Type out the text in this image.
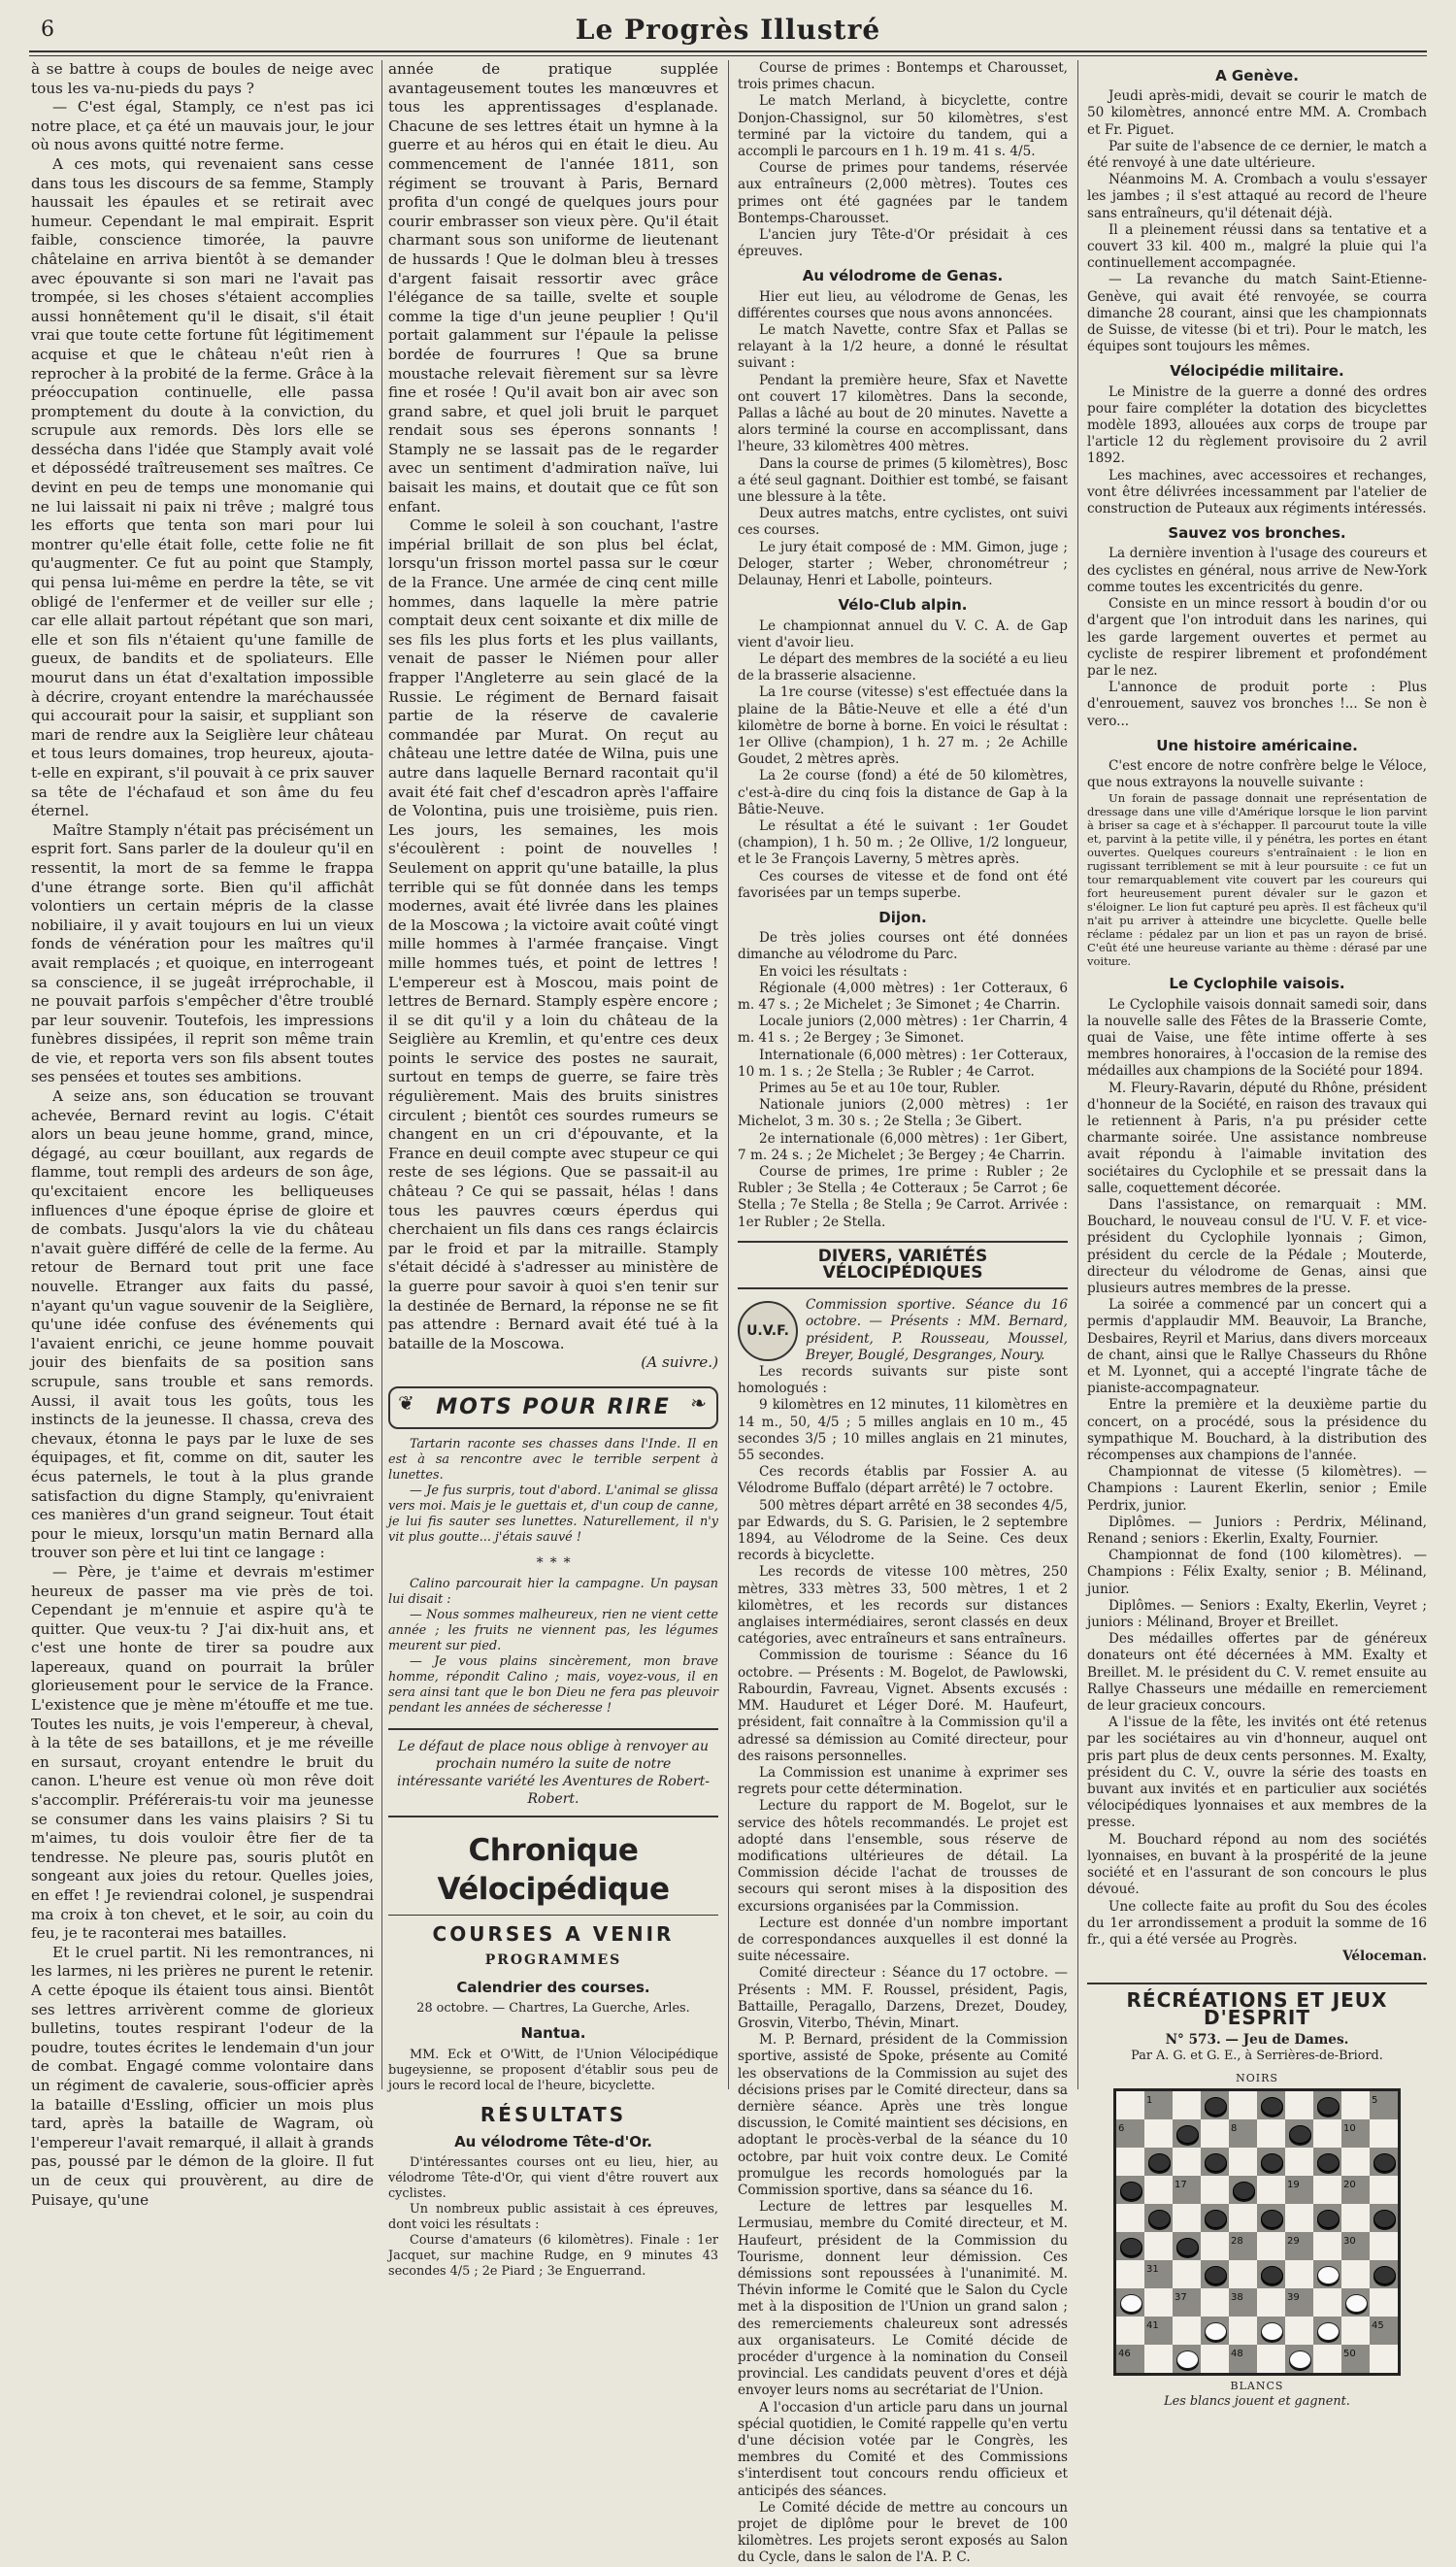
6	Le Progrès Illustré

à se battre à coups de boules de neige avec tous les va-nu-pieds du pays ?

— C'est égal, Stamply, ce n'est pas ici notre place, et ça été un mauvais jour, le jour où nous avons quitté notre ferme.

A ces mots, qui revenaient sans cesse dans tous les discours de sa femme, Stamply haussait les épaules et se retirait avec humeur. Cependant le mal empirait. Esprit faible, conscience timorée, la pauvre châtelaine en arriva bientôt à se demander avec épouvante si son mari ne l'avait pas trompée, si les choses s'étaient accomplies aussi honnêtement qu'il le disait, s'il était vrai que toute cette fortune fût légitimement acquise et que le château n'eût rien à reprocher à la probité de la ferme. Grâce à la préoccupation continuelle, elle passa promptement du doute à la conviction, du scrupule aux remords. Dès lors elle se dessécha dans l'idée que Stamply avait volé et dépossédé traîtreusement ses maîtres. Ce devint en peu de temps une monomanie qui ne lui laissait ni paix ni trêve ; malgré tous les efforts que tenta son mari pour lui montrer qu'elle était folle, cette folie ne fit qu'augmenter. Ce fut au point que Stamply, qui pensa lui-même en perdre la tête, se vit obligé de l'enfermer et de veiller sur elle ; car elle allait partout répétant que son mari, elle et son fils n'étaient qu'une famille de gueux, de bandits et de spoliateurs. Elle mourut dans un état d'exaltation impossible à décrire, croyant entendre la maréchaussée qui accourait pour la saisir, et suppliant son mari de rendre aux la Seiglière leur château et tous leurs domaines, trop heureux, ajouta-t-elle en expirant, s'il pouvait à ce prix sauver sa tête de l'échafaud et son âme du feu éternel.

Maître Stamply n'était pas précisément un esprit fort. Sans parler de la douleur qu'il en ressentit, la mort de sa femme le frappa d'une étrange sorte. Bien qu'il affichât volontiers un certain mépris de la classe nobiliaire, il y avait toujours en lui un vieux fonds de vénération pour les maîtres qu'il avait remplacés ; et quoique, en interrogeant sa conscience, il se jugeât irréprochable, il ne pouvait parfois s'empêcher d'être troublé par leur souvenir. Toutefois, les impressions funèbres dissipées, il reprit son même train de vie, et reporta vers son fils absent toutes ses pensées et toutes ses ambitions.

A seize ans, son éducation se trouvant achevée, Bernard revint au logis. C'était alors un beau jeune homme, grand, mince, dégagé, au cœur bouillant, aux regards de flamme, tout rempli des ardeurs de son âge, qu'excitaient encore les belliqueuses influences d'une époque éprise de gloire et de combats. Jusqu'alors la vie du château n'avait guère différé de celle de la ferme. Au retour de Bernard tout prit une face nouvelle. Etranger aux faits du passé, n'ayant qu'un vague souvenir de la Seiglière, qu'une idée confuse des événements qui l'avaient enrichi, ce jeune homme pouvait jouir des bienfaits de sa position sans scrupule, sans trouble et sans remords. Aussi, il avait tous les goûts, tous les instincts de la jeunesse. Il chassa, creva des chevaux, étonna le pays par le luxe de ses équipages, et fit, comme on dit, sauter les écus paternels, le tout à la plus grande satisfaction du digne Stamply, qu'enivraient ces manières d'un grand seigneur. Tout était pour le mieux, lorsqu'un matin Bernard alla trouver son père et lui tint ce langage :

— Père, je t'aime et devrais m'estimer heureux de passer ma vie près de toi. Cependant je m'ennuie et aspire qu'à te quitter. Que veux-tu ? J'ai dix-huit ans, et c'est une honte de tirer sa poudre aux lapereaux, quand on pourrait la brûler glorieusement pour le service de la France. L'existence que je mène m'étouffe et me tue. Toutes les nuits, je vois l'empereur, à cheval, à la tête de ses bataillons, et je me réveille en sursaut, croyant entendre le bruit du canon. L'heure est venue où mon rêve doit s'accomplir. Préférerais-tu voir ma jeunesse se consumer dans les vains plaisirs ? Si tu m'aimes, tu dois vouloir être fier de ta tendresse. Ne pleure pas, souris plutôt en songeant aux joies du retour. Quelles joies, en effet ! Je reviendrai colonel, je suspendrai ma croix à ton chevet, et le soir, au coin du feu, je te raconterai mes batailles.

Et le cruel partit. Ni les remontrances, ni les larmes, ni les prières ne purent le retenir. A cette époque ils étaient tous ainsi. Bientôt ses lettres arrivèrent comme de glorieux bulletins, toutes respirant l'odeur de la poudre, toutes écrites le lendemain d'un jour de combat. Engagé comme volontaire dans un régiment de cavalerie, sous-officier après la bataille d'Essling, officier un mois plus tard, après la bataille de Wagram, où l'empereur l'avait remarqué, il allait à grands pas, poussé par le démon de la gloire. Il fut un de ceux qui prouvèrent, au dire de Puisaye, qu'une

année de pratique supplée avantageusement toutes les manœuvres et tous les apprentissages d'esplanade. Chacune de ses lettres était un hymne à la guerre et au héros qui en était le dieu. Au commencement de l'année 1811, son régiment se trouvant à Paris, Bernard profita d'un congé de quelques jours pour courir embrasser son vieux père. Qu'il était charmant sous son uniforme de lieutenant de hussards ! Que le dolman bleu à tresses d'argent faisait ressortir avec grâce l'élégance de sa taille, svelte et souple comme la tige d'un jeune peuplier ! Qu'il portait galamment sur l'épaule la pelisse bordée de fourrures ! Que sa brune moustache relevait fièrement sur sa lèvre fine et rosée ! Qu'il avait bon air avec son grand sabre, et quel joli bruit le parquet rendait sous ses éperons sonnants ! Stamply ne se lassait pas de le regarder avec un sentiment d'admiration naïve, lui baisait les mains, et doutait que ce fût son enfant.

Comme le soleil à son couchant, l'astre impérial brillait de son plus bel éclat, lorsqu'un frisson mortel passa sur le cœur de la France. Une armée de cinq cent mille hommes, dans laquelle la mère patrie comptait deux cent soixante et dix mille de ses fils les plus forts et les plus vaillants, venait de passer le Niémen pour aller frapper l'Angleterre au sein glacé de la Russie. Le régiment de Bernard faisait partie de la réserve de cavalerie commandée par Murat. On reçut au château une lettre datée de Wilna, puis une autre dans laquelle Bernard racontait qu'il avait été fait chef d'escadron après l'affaire de Volontina, puis une troisième, puis rien. Les jours, les semaines, les mois s'écoulèrent : point de nouvelles ! Seulement on apprit qu'une bataille, la plus terrible qui se fût donnée dans les temps modernes, avait été livrée dans les plaines de la Moscowa ; la victoire avait coûté vingt mille hommes à l'armée française. Vingt mille hommes tués, et point de lettres ! L'empereur est à Moscou, mais point de lettres de Bernard. Stamply espère encore ; il se dit qu'il y a loin du château de la Seiglière au Kremlin, et qu'entre ces deux points le service des postes ne saurait, surtout en temps de guerre, se faire très régulièrement. Mais des bruits sinistres circulent ; bientôt ces sourdes rumeurs se changent en un cri d'épouvante, et la France en deuil compte avec stupeur ce qui reste de ses légions. Que se passait-il au château ? Ce qui se passait, hélas ! dans tous les pauvres cœurs éperdus qui cherchaient un fils dans ces rangs éclaircis par le froid et par la mitraille. Stamply s'était décidé à s'adresser au ministère de la guerre pour savoir à quoi s'en tenir sur la destinée de Bernard, la réponse ne se fit pas attendre : Bernard avait été tué à la bataille de la Moscowa.

(A suivre.)
❦ MOTS POUR RIRE ❧

Tartarin raconte ses chasses dans l'Inde. Il en est à sa rencontre avec le terrible serpent à lunettes.

— Je fus surpris, tout d'abord. L'animal se glissa vers moi. Mais je le guettais et, d'un coup de canne, je lui fis sauter ses lunettes. Naturellement, il n'y vit plus goutte... j'étais sauvé !

∗ ∗ ∗

Calino parcourait hier la campagne. Un paysan lui disait :

— Nous sommes malheureux, rien ne vient cette année ; les fruits ne viennent pas, les légumes meurent sur pied.

— Je vous plains sincèrement, mon brave homme, répondit Calino ; mais, voyez-vous, il en sera ainsi tant que le bon Dieu ne fera pas pleuvoir pendant les années de sécheresse !

Le défaut de place nous oblige à renvoyer au prochain numéro la suite de notre intéressante variété les Aventures de Robert-Robert.
Chronique Vélocipédique
COURSES A VENIR
PROGRAMMES
Calendrier des courses.

28 octobre. — Chartres, La Guerche, Arles.

Nantua.

MM. Eck et O'Witt, de l'Union Vélocipédique bugeysienne, se proposent d'établir sous peu de jours le record local de l'heure, bicyclette.

RÉSULTATS
Au vélodrome Tête-d'Or.

D'intéressantes courses ont eu lieu, hier, au vélodrome Tête-d'Or, qui vient d'être rouvert aux cyclistes.

Un nombreux public assistait à ces épreuves, dont voici les résultats :

Course d'amateurs (6 kilomètres). Finale : 1er Jacquet, sur machine Rudge, en 9 minutes 43 secondes 4/5 ; 2e Piard ; 3e Enguerrand.

Course de primes : Bontemps et Charousset, trois primes chacun.

Le match Merland, à bicyclette, contre Donjon-Chassignol, sur 50 kilomètres, s'est terminé par la victoire du tandem, qui a accompli le parcours en 1 h. 19 m. 41 s. 4/5.

Course de primes pour tandems, réservée aux entraîneurs (2,000 mètres). Toutes ces primes ont été gagnées par le tandem Bontemps-Charousset.

L'ancien jury Tête-d'Or présidait à ces épreuves.

Au vélodrome de Genas.

Hier eut lieu, au vélodrome de Genas, les différentes courses que nous avons annoncées.

Le match Navette, contre Sfax et Pallas se relayant à la 1/2 heure, a donné le résultat suivant :

Pendant la première heure, Sfax et Navette ont couvert 17 kilomètres. Dans la seconde, Pallas a lâché au bout de 20 minutes. Navette a alors terminé la course en accomplissant, dans l'heure, 33 kilomètres 400 mètres.

Dans la course de primes (5 kilomètres), Bosc a été seul gagnant. Doithier est tombé, se faisant une blessure à la tête.

Deux autres matchs, entre cyclistes, ont suivi ces courses.

Le jury était composé de : MM. Gimon, juge ; Deloger, starter ; Weber, chronométreur ; Delaunay, Henri et Labolle, pointeurs.

Vélo-Club alpin.

Le championnat annuel du V. C. A. de Gap vient d'avoir lieu.

Le départ des membres de la société a eu lieu de la brasserie alsacienne.

La 1re course (vitesse) s'est effectuée dans la plaine de la Bâtie-Neuve et elle a été d'un kilomètre de borne à borne. En voici le résultat : 1er Ollive (champion), 1 h. 27 m. ; 2e Achille Goudet, 2 mètres après.

La 2e course (fond) a été de 50 kilomètres, c'est-à-dire du cinq fois la distance de Gap à la Bâtie-Neuve.

Le résultat a été le suivant : 1er Goudet (champion), 1 h. 50 m. ; 2e Ollive, 1/2 longueur, et le 3e François Laverny, 5 mètres après.

Ces courses de vitesse et de fond ont été favorisées par un temps superbe.

Dijon.

De très jolies courses ont été données dimanche au vélodrome du Parc.

En voici les résultats :

Régionale (4,000 mètres) : 1er Cotteraux, 6 m. 47 s. ; 2e Michelet ; 3e Simonet ; 4e Charrin.

Locale juniors (2,000 mètres) : 1er Charrin, 4 m. 41 s. ; 2e Bergey ; 3e Simonet.

Internationale (6,000 mètres) : 1er Cotteraux, 10 m. 1 s. ; 2e Stella ; 3e Rubler ; 4e Carrot.

Primes au 5e et au 10e tour, Rubler.

Nationale juniors (2,000 mètres) : 1er Michelot, 3 m. 30 s. ; 2e Stella ; 3e Gibert.

2e internationale (6,000 mètres) : 1er Gibert, 7 m. 24 s. ; 2e Michelet ; 3e Bergey ; 4e Charrin.

Course de primes, 1re prime : Rubler ; 2e Rubler ; 3e Stella ; 4e Cotteraux ; 5e Carrot ; 6e Stella ; 7e Stella ; 8e Stella ; 9e Carrot. Arrivée : 1er Rubler ; 2e Stella.

DIVERS, VARIÉTÉS VÉLOCIPÉDIQUES
U.V.F.

Commission sportive. Séance du 16 octobre. — Présents : MM. Bernard, président, P. Rousseau, Moussel, Breyer, Bouglé, Desgranges, Noury.

Les records suivants sur piste sont homologués :

9 kilomètres en 12 minutes, 11 kilomètres en 14 m., 50, 4/5 ; 5 milles anglais en 10 m., 45 secondes 3/5 ; 10 milles anglais en 21 minutes, 55 secondes.

Ces records établis par Fossier A. au Vélodrome Buffalo (départ arrêté) le 7 octobre.

500 mètres départ arrêté en 38 secondes 4/5, par Edwards, du S. G. Parisien, le 2 septembre 1894, au Vélodrome de la Seine. Ces deux records à bicyclette.

Les records de vitesse 100 mètres, 250 mètres, 333 mètres 33, 500 mètres, 1 et 2 kilomètres, et les records sur distances anglaises intermédiaires, seront classés en deux catégories, avec entraîneurs et sans entraîneurs.

Commission de tourisme : Séance du 16 octobre. — Présents : M. Bogelot, de Pawlowski, Rabourdin, Favreau, Vignet. Absents excusés : MM. Hauduret et Léger Doré. M. Haufeurt, président, fait connaître à la Commission qu'il a adressé sa démission au Comité directeur, pour des raisons personnelles.

La Commission est unanime à exprimer ses regrets pour cette détermination.

Lecture du rapport de M. Bogelot, sur le service des hôtels recommandés. Le projet est adopté dans l'ensemble, sous réserve de modifications ultérieures de détail. La Commission décide l'achat de trousses de secours qui seront mises à la disposition des excursions organisées par la Commission.

Lecture est donnée d'un nombre important de correspondances auxquelles il est donné la suite nécessaire.

Comité directeur : Séance du 17 octobre. — Présents : MM. F. Roussel, président, Pagis, Battaille, Peragallo, Darzens, Drezet, Doudey, Grosvin, Viterbo, Thévin, Minart.

M. P. Bernard, président de la Commission sportive, assisté de Spoke, présente au Comité les observations de la Commission au sujet des décisions prises par le Comité directeur, dans sa dernière séance. Après une très longue discussion, le Comité maintient ses décisions, en adoptant le procès-verbal de la séance du 10 octobre, par huit voix contre deux. Le Comité promulgue les records homologués par la Commission sportive, dans sa séance du 16.

Lecture de lettres par lesquelles M. Lermusiau, membre du Comité directeur, et M. Haufeurt, président de la Commission du Tourisme, donnent leur démission. Ces démissions sont repoussées à l'unanimité. M. Thévin informe le Comité que le Salon du Cycle met à la disposition de l'Union un grand salon ; des remerciements chaleureux sont adressés aux organisateurs. Le Comité décide de procéder d'urgence à la nomination du Conseil provincial. Les candidats peuvent d'ores et déjà envoyer leurs noms au secrétariat de l'Union.

A l'occasion d'un article paru dans un journal spécial quotidien, le Comité rappelle qu'en vertu d'une décision votée par le Congrès, les membres du Comité et des Commissions s'interdisent tout concours rendu officieux et anticipés des séances.

Le Comité décide de mettre au concours un projet de diplôme pour le brevet de 100 kilomètres. Les projets seront exposés au Salon du Cycle, dans le salon de l'A. P. C.

A Genève.

Jeudi après-midi, devait se courir le match de 50 kilomètres, annoncé entre MM. A. Crombach et Fr. Piguet.

Par suite de l'absence de ce dernier, le match a été renvoyé à une date ultérieure.

Néanmoins M. A. Crombach a voulu s'essayer les jambes ; il s'est attaqué au record de l'heure sans entraîneurs, qu'il détenait déjà.

Il a pleinement réussi dans sa tentative et a couvert 33 kil. 400 m., malgré la pluie qui l'a continuellement accompagnée.

— La revanche du match Saint-Etienne-Genève, qui avait été renvoyée, se courra dimanche 28 courant, ainsi que les championnats de Suisse, de vitesse (bi et tri). Pour le match, les équipes sont toujours les mêmes.

Vélocipédie militaire.

Le Ministre de la guerre a donné des ordres pour faire compléter la dotation des bicyclettes modèle 1893, allouées aux corps de troupe par l'article 12 du règlement provisoire du 2 avril 1892.

Les machines, avec accessoires et rechanges, vont être délivrées incessamment par l'atelier de construction de Puteaux aux régiments intéressés.

Sauvez vos bronches.

La dernière invention à l'usage des coureurs et des cyclistes en général, nous arrive de New-York comme toutes les excentricités du genre.

Consiste en un mince ressort à boudin d'or ou d'argent que l'on introduit dans les narines, qui les garde largement ouvertes et permet au cycliste de respirer librement et profondément par le nez.

L'annonce de produit porte : Plus d'enrouement, sauvez vos bronches !... Se non è vero...

Une histoire américaine.

C'est encore de notre confrère belge le Véloce, que nous extrayons la nouvelle suivante :

Un forain de passage donnait une représentation de dressage dans une ville d'Amérique lorsque le lion parvint à briser sa cage et à s'échapper. Il parcourut toute la ville et, parvint à la petite ville, il y pénétra, les portes en étant ouvertes. Quelques coureurs s'entraînaient : le lion en rugissant terriblement se mit à leur poursuite : ce fut un tour remarquablement vite couvert par les coureurs qui fort heureusement purent dévaler sur le gazon et s'éloigner. Le lion fut capturé peu après. Il est fâcheux qu'il n'ait pu arriver à atteindre une bicyclette. Quelle belle réclame : pédalez par un lion et pas un rayon de brisé. C'eût été une heureuse variante au thème : dérasé par une voiture.

Le Cyclophile vaisois.

Le Cyclophile vaisois donnait samedi soir, dans la nouvelle salle des Fêtes de la Brasserie Comte, quai de Vaise, une fête intime offerte à ses membres honoraires, à l'occasion de la remise des médailles aux champions de la Société pour 1894.

M. Fleury-Ravarin, député du Rhône, président d'honneur de la Société, en raison des travaux qui le retiennent à Paris, n'a pu présider cette charmante soirée. Une assistance nombreuse avait répondu à l'aimable invitation des sociétaires du Cyclophile et se pressait dans la salle, coquettement décorée.

Dans l'assistance, on remarquait : MM. Bouchard, le nouveau consul de l'U. V. F. et vice-président du Cyclophile lyonnais ; Gimon, président du cercle de la Pédale ; Mouterde, directeur du vélodrome de Genas, ainsi que plusieurs autres membres de la presse.

La soirée a commencé par un concert qui a permis d'applaudir MM. Beauvoir, La Branche, Desbaires, Reyril et Marius, dans divers morceaux de chant, ainsi que le Rallye Chasseurs du Rhône et M. Lyonnet, qui a accepté l'ingrate tâche de pianiste-accompagnateur.

Entre la première et la deuxième partie du concert, on a procédé, sous la présidence du sympathique M. Bouchard, à la distribution des récompenses aux champions de l'année.

Championnat de vitesse (5 kilomètres). — Champions : Laurent Ekerlin, senior ; Emile Perdrix, junior.

Diplômes. — Juniors : Perdrix, Mélinand, Renand ; seniors : Ekerlin, Exalty, Fournier.

Championnat de fond (100 kilomètres). — Champions : Félix Exalty, senior ; B. Mélinand, junior.

Diplômes. — Seniors : Exalty, Ekerlin, Veyret ; juniors : Mélinand, Broyer et Breillet.

Des médailles offertes par de généreux donateurs ont été décernées à MM. Exalty et Breillet. M. le président du C. V. remet ensuite au Rallye Chasseurs une médaille en remerciement de leur gracieux concours.

A l'issue de la fête, les invités ont été retenus par les sociétaires au vin d'honneur, auquel ont pris part plus de deux cents personnes. M. Exalty, président du C. V., ouvre la série des toasts en buvant aux invités et en particulier aux sociétés vélocipédiques lyonnaises et aux membres de la presse.

M. Bouchard répond au nom des sociétés lyonnaises, en buvant à la prospérité de la jeune société et en l'assurant de son concours le plus dévoué.

Une collecte faite au profit du Sou des écoles du 1er arrondissement a produit la somme de 16 fr., qui a été versée au Progrès.

Véloceman.
RÉCRÉATIONS ET JEUX D'ESPRIT
N° 573. — Jeu de Dames.
Par A. G. et G. E., à Serrières-de-Briord.
NOIRS
1	5
6	8	10
17	19	20
28	29	30
31
37	38	39
41	45
46	48	50
BLANCS
Les blancs jouent et gagnent.
